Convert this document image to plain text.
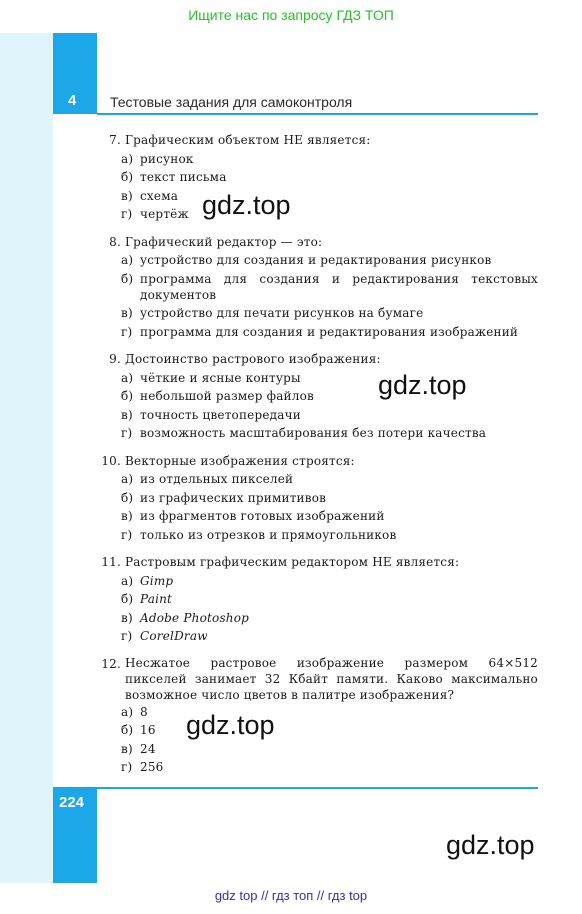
Ищите нас по запросу ГДЗ ТОП
4 Тестовые задания для самоконтроля
7. Графическим объектом НЕ является:
а) рисунок
б) текст письма
в) схема
г) чертёж
8. Графический редактор — это:
а) устройство для создания и редактирования рисунков
б) программа для создания и редактирования текстовых документов
в) устройство для печати рисунков на бумаге
г) программа для создания и редактирования изображений
9. Достоинство растрового изображения:
а) чёткие и ясные контуры
б) небольшой размер файлов
в) точность цветопередачи
г) возможность масштабирования без потери качества
10. Векторные изображения строятся:
а) из отдельных пикселей
б) из графических примитивов
в) из фрагментов готовых изображений
г) только из отрезков и прямоугольников
11. Растровым графическим редактором НЕ является:
а) Gimp
б) Paint
в) Adobe Photoshop
г) CorelDraw
12. Несжатое растровое изображение размером 64×512 пикселей занимает 32 Кбайт памяти. Каково максимально возможное число цветов в палитре изображения?
а) 8
б) 16
в) 24
г) 256
gdz.top
gdz.top
gdz.top
gdz.top
224
gdz top // гдз топ // гдз top
